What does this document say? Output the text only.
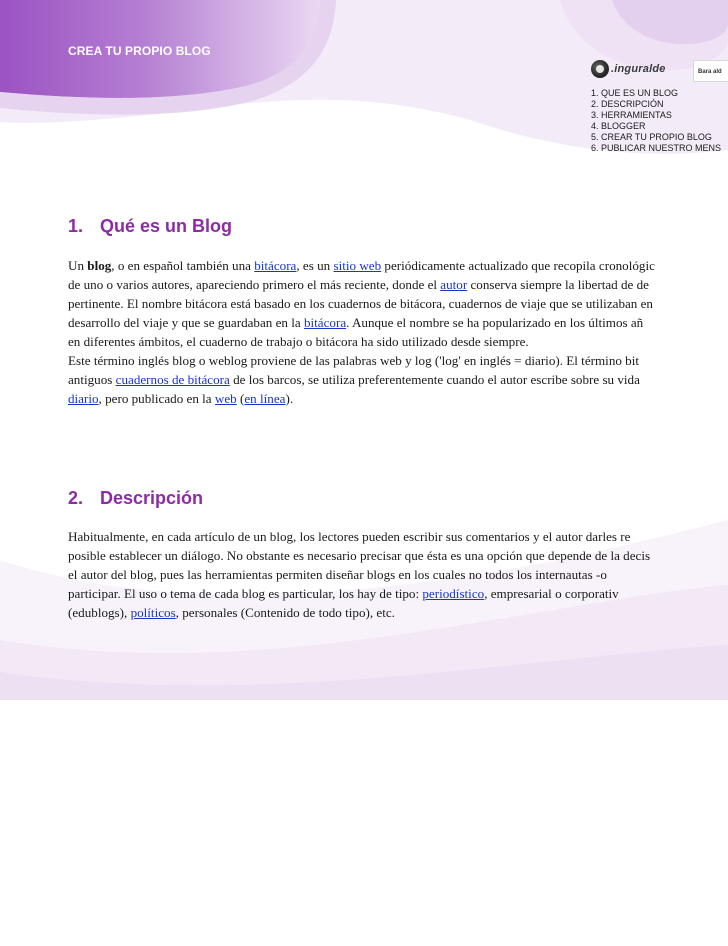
CREA TU PROPIO BLOG
.inguralde	Bara ald
1. QUE ES UN BLOG
2. DESCRIPCIÓN
3. HERRAMIENTAS
4. BLOGGER
5. CREAR TU PROPIO BLOG
6. PUBLICAR NUESTRO MENS
1. Qué es un Blog

Un blog, o en español también una bitácora, es un sitio web periódicamente actualizado que recopila cronológic
de uno o varios autores, apareciendo primero el más reciente, donde el autor conserva siempre la libertad de de
pertinente. El nombre bitácora está basado en los cuadernos de bitácora, cuadernos de viaje que se utilizaban en
desarrollo del viaje y que se guardaban en la bitácora. Aunque el nombre se ha popularizado en los últimos añ
en diferentes ámbitos, el cuaderno de trabajo o bitácora ha sido utilizado desde siempre.

Este término inglés blog o weblog proviene de las palabras web y log ('log' en inglés = diario). El término bit
antiguos cuadernos de bitácora de los barcos, se utiliza preferentemente cuando el autor escribe sobre su vida
diario, pero publicado en la web (en línea).

2. Descripción

Habitualmente, en cada artículo de un blog, los lectores pueden escribir sus comentarios y el autor darles re
posible establecer un diálogo. No obstante es necesario precisar que ésta es una opción que depende de la decis
el autor del blog, pues las herramientas permiten diseñar blogs en los cuales no todos los internautas -o
participar. El uso o tema de cada blog es particular, los hay de tipo: periodístico, empresarial o corporativ
(edublogs), políticos, personales (Contenido de todo tipo), etc.
